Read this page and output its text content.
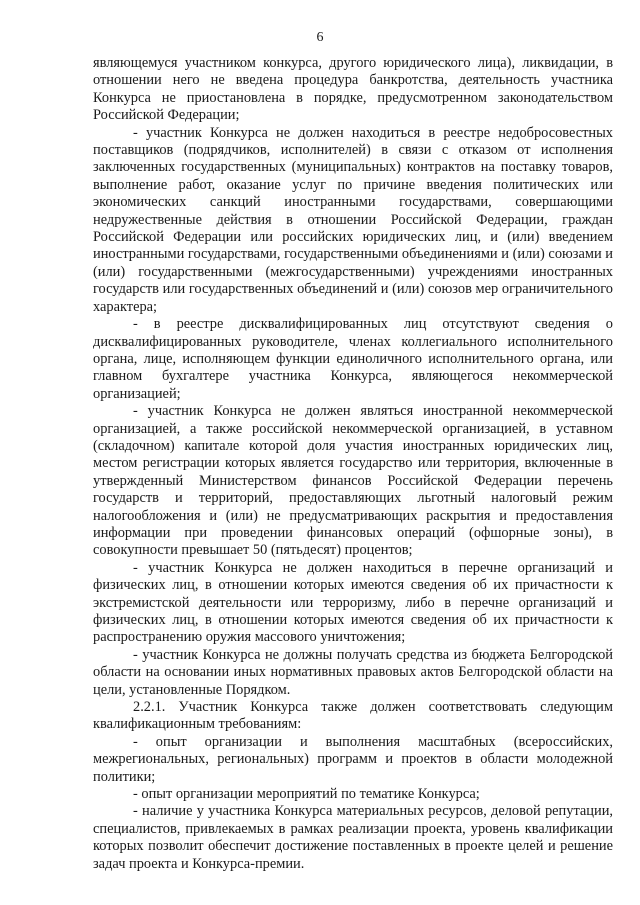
6

являющемуся участником конкурса, другого юридического лица), ликвидации, в отношении него не введена процедура банкротства, деятельность участника Конкурса не приостановлена в порядке, предусмотренном законодательством Российской Федерации;

- участник Конкурса не должен находиться в реестре недобросовестных поставщиков (подрядчиков, исполнителей) в связи с отказом от исполнения заключенных государственных (муниципальных) контрактов на поставку товаров, выполнение работ, оказание услуг по причине введения политических или экономических санкций иностранными государствами, совершающими недружественные действия в отношении Российской Федерации, граждан Российской Федерации или российских юридических лиц, и (или) введением иностранными государствами, государственными объединениями и (или) союзами и (или) государственными (межгосударственными) учреждениями иностранных государств или государственных объединений и (или) союзов мер ограничительного характера;

- в реестре дисквалифицированных лиц отсутствуют сведения о дисквалифицированных руководителе, членах коллегиального исполнительного органа, лице, исполняющем функции единоличного исполнительного органа, или главном бухгалтере участника Конкурса, являющегося некоммерческой организацией;

- участник Конкурса не должен являться иностранной некоммерческой организацией, а также российской некоммерческой организацией, в уставном (складочном) капитале которой доля участия иностранных юридических лиц, местом регистрации которых является государство или территория, включенные в утвержденный Министерством финансов Российской Федерации перечень государств и территорий, предоставляющих льготный налоговый режим налогообложения и (или) не предусматривающих раскрытия и предоставления информации при проведении финансовых операций (офшорные зоны), в совокупности превышает 50 (пятьдесят) процентов;

- участник Конкурса не должен находиться в перечне организаций и физических лиц, в отношении которых имеются сведения об их причастности к экстремистской деятельности или терроризму, либо в перечне организаций и физических лиц, в отношении которых имеются сведения об их причастности к распространению оружия массового уничтожения;

- участник Конкурса не должны получать средства из бюджета Белгородской области на основании иных нормативных правовых актов Белгородской области на цели, установленные Порядком.

2.2.1. Участник Конкурса также должен соответствовать следующим квалификационным требованиям:

- опыт организации и выполнения масштабных (всероссийских, межрегиональных, региональных) программ и проектов в области молодежной политики;

- опыт организации мероприятий по тематике Конкурса;

- наличие у участника Конкурса материальных ресурсов, деловой репутации, специалистов, привлекаемых в рамках реализации проекта, уровень квалификации которых позволит обеспечит достижение поставленных в проекте целей и решение задач проекта и Конкурса-премии.
